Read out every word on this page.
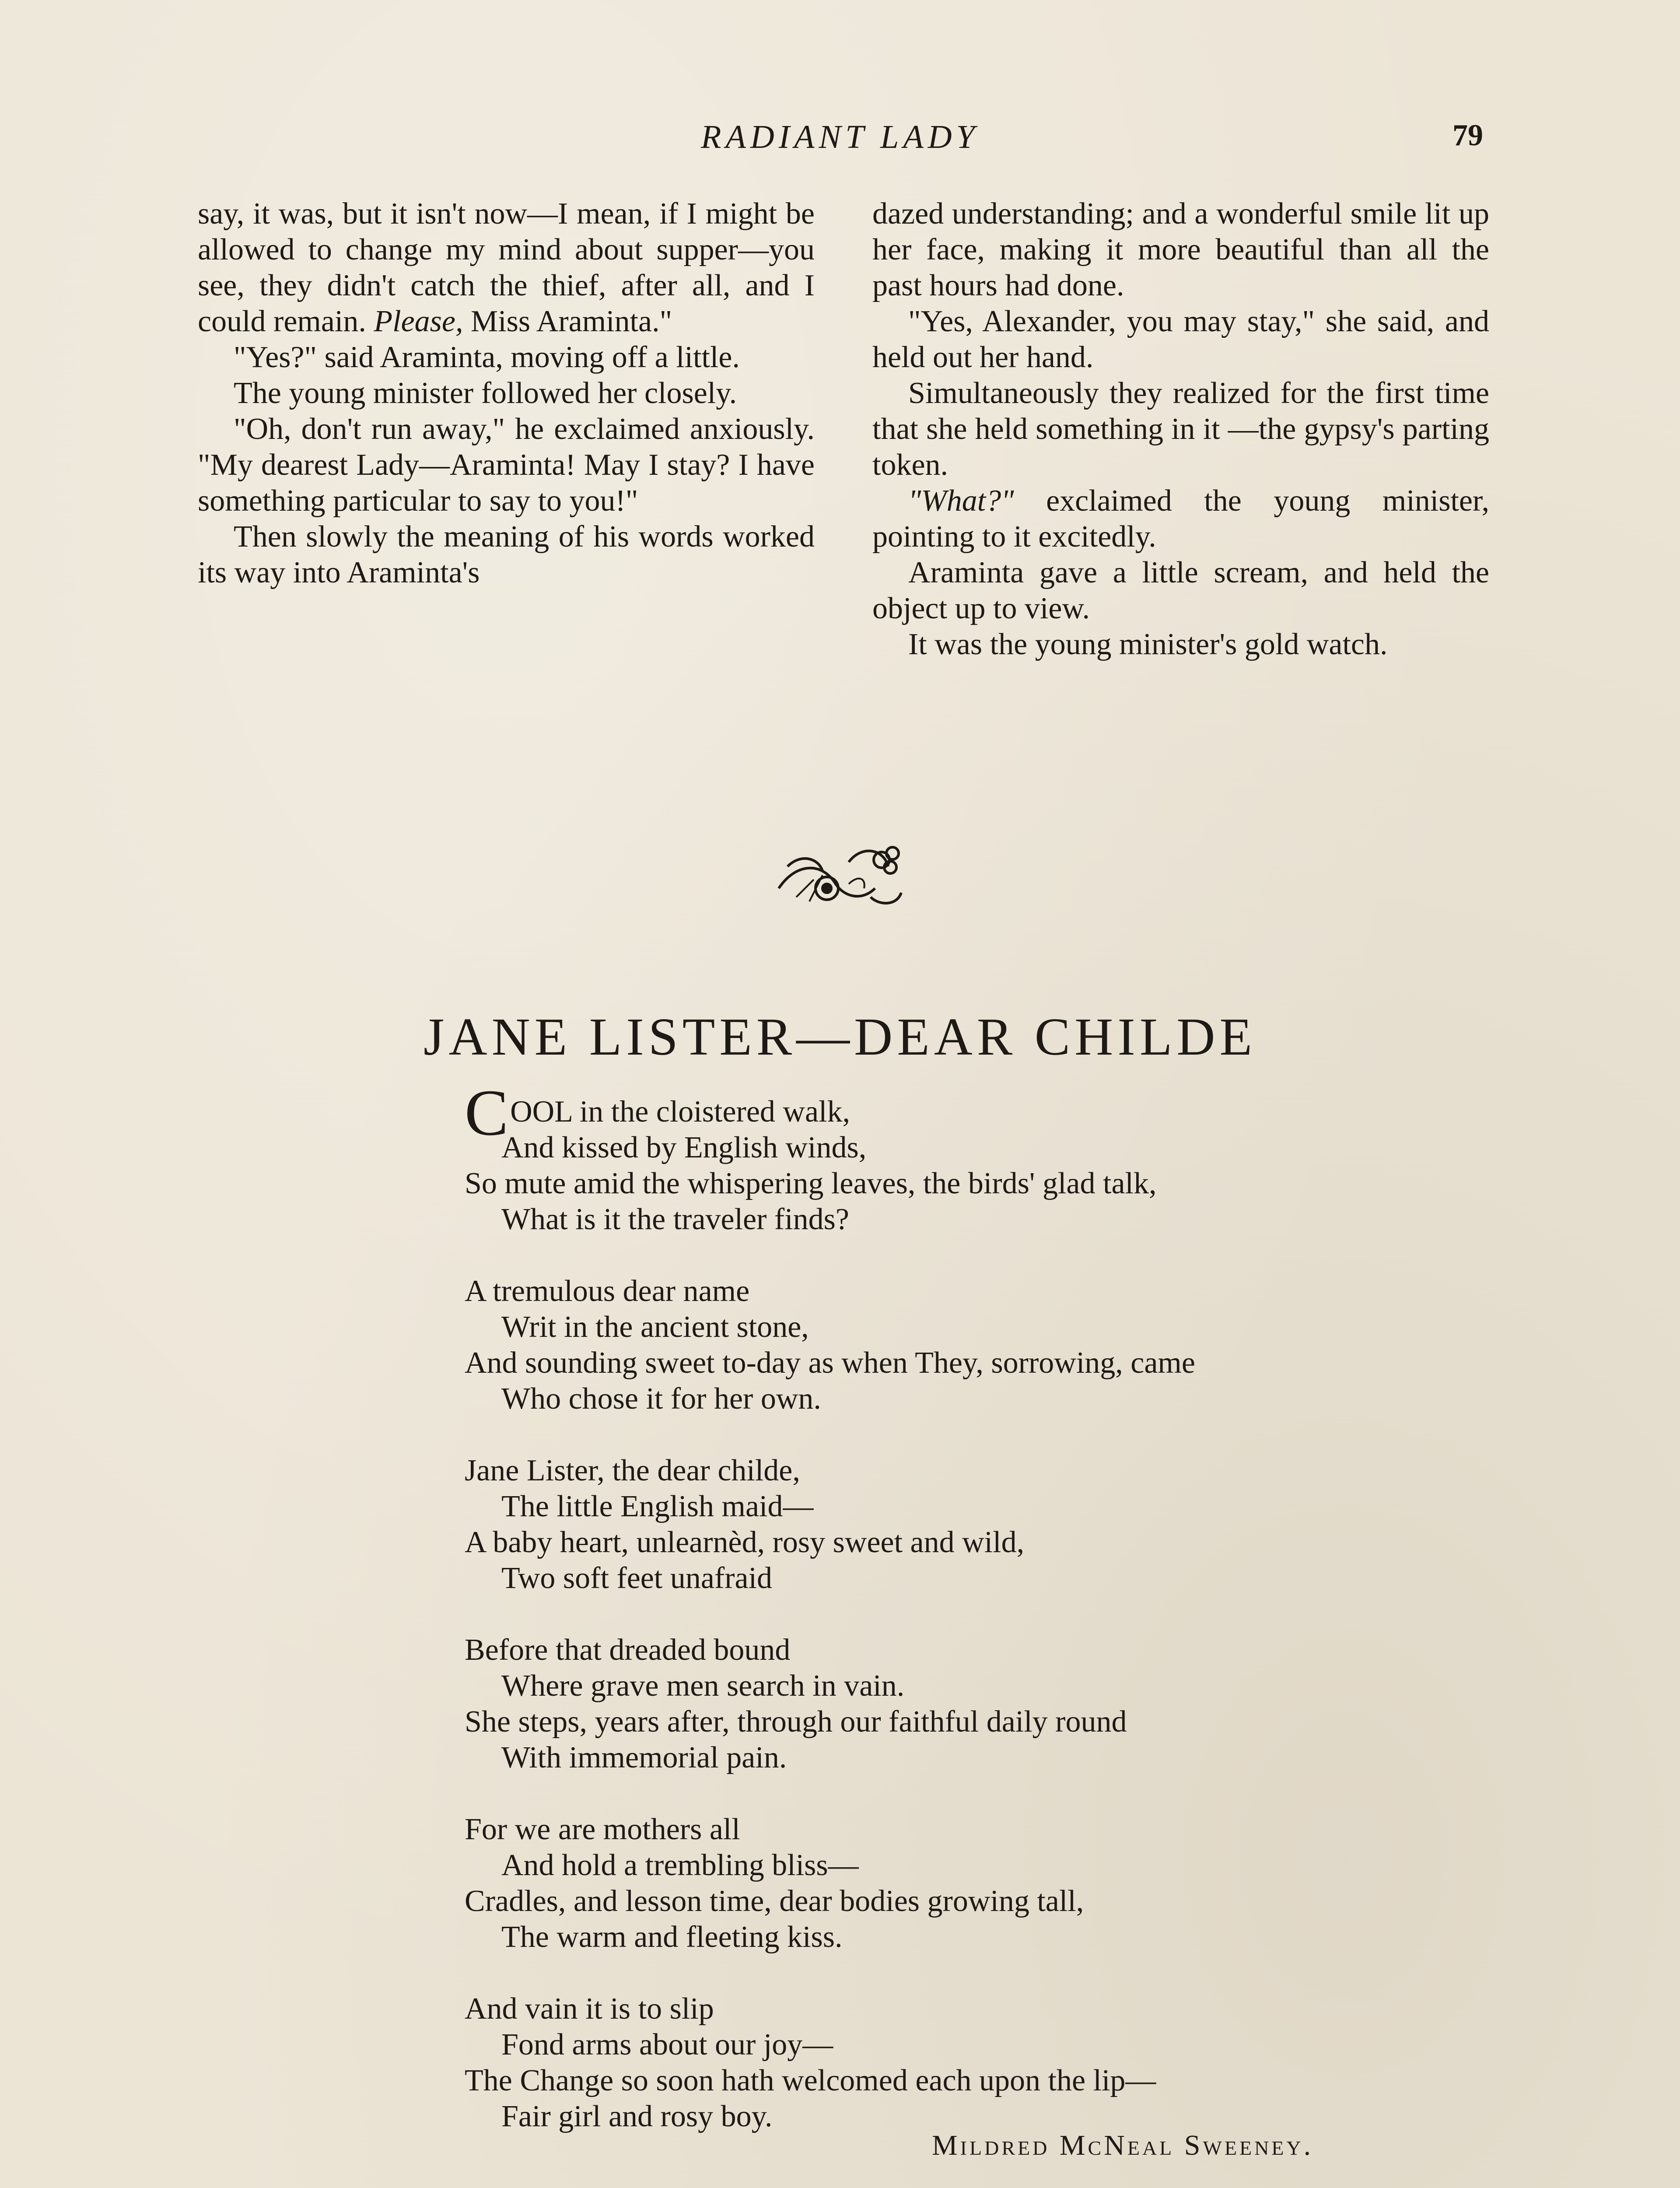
RADIANT LADY	79

say, it was, but it isn't now—I mean, if I might be allowed to change my mind about supper—you see, they didn't catch the thief, after all, and I could remain. Please, Miss Araminta."

"Yes?" said Araminta, moving off a little.

The young minister followed her closely.

"Oh, don't run away," he exclaimed anxiously. "My dearest Lady—Araminta! May I stay? I have something particular to say to you!"

Then slowly the meaning of his words worked its way into Araminta's

dazed understanding; and a wonderful smile lit up her face, making it more beautiful than all the past hours had done.

"Yes, Alexander, you may stay," she said, and held out her hand.

Simultaneously they realized for the first time that she held something in it —the gypsy's parting token.

"What?" exclaimed the young minister, pointing to it excitedly.

Araminta gave a little scream, and held the object up to view.

It was the young minister's gold watch.

JANE LISTER—DEAR CHILDE
COOL in the cloistered walk,
And kissed by English winds,
So mute amid the whispering leaves, the birds' glad talk,
What is it the traveler finds?
A tremulous dear name
Writ in the ancient stone,
And sounding sweet to-day as when They, sorrowing, came
Who chose it for her own.
Jane Lister, the dear childe,
The little English maid—
A baby heart, unlearnèd, rosy sweet and wild,
Two soft feet unafraid
Before that dreaded bound
Where grave men search in vain.
She steps, years after, through our faithful daily round
With immemorial pain.
For we are mothers all
And hold a trembling bliss—
Cradles, and lesson time, dear bodies growing tall,
The warm and fleeting kiss.
And vain it is to slip
Fond arms about our joy—
The Change so soon hath welcomed each upon the lip—
Fair girl and rosy boy.
Mildred McNeal Sweeney.
